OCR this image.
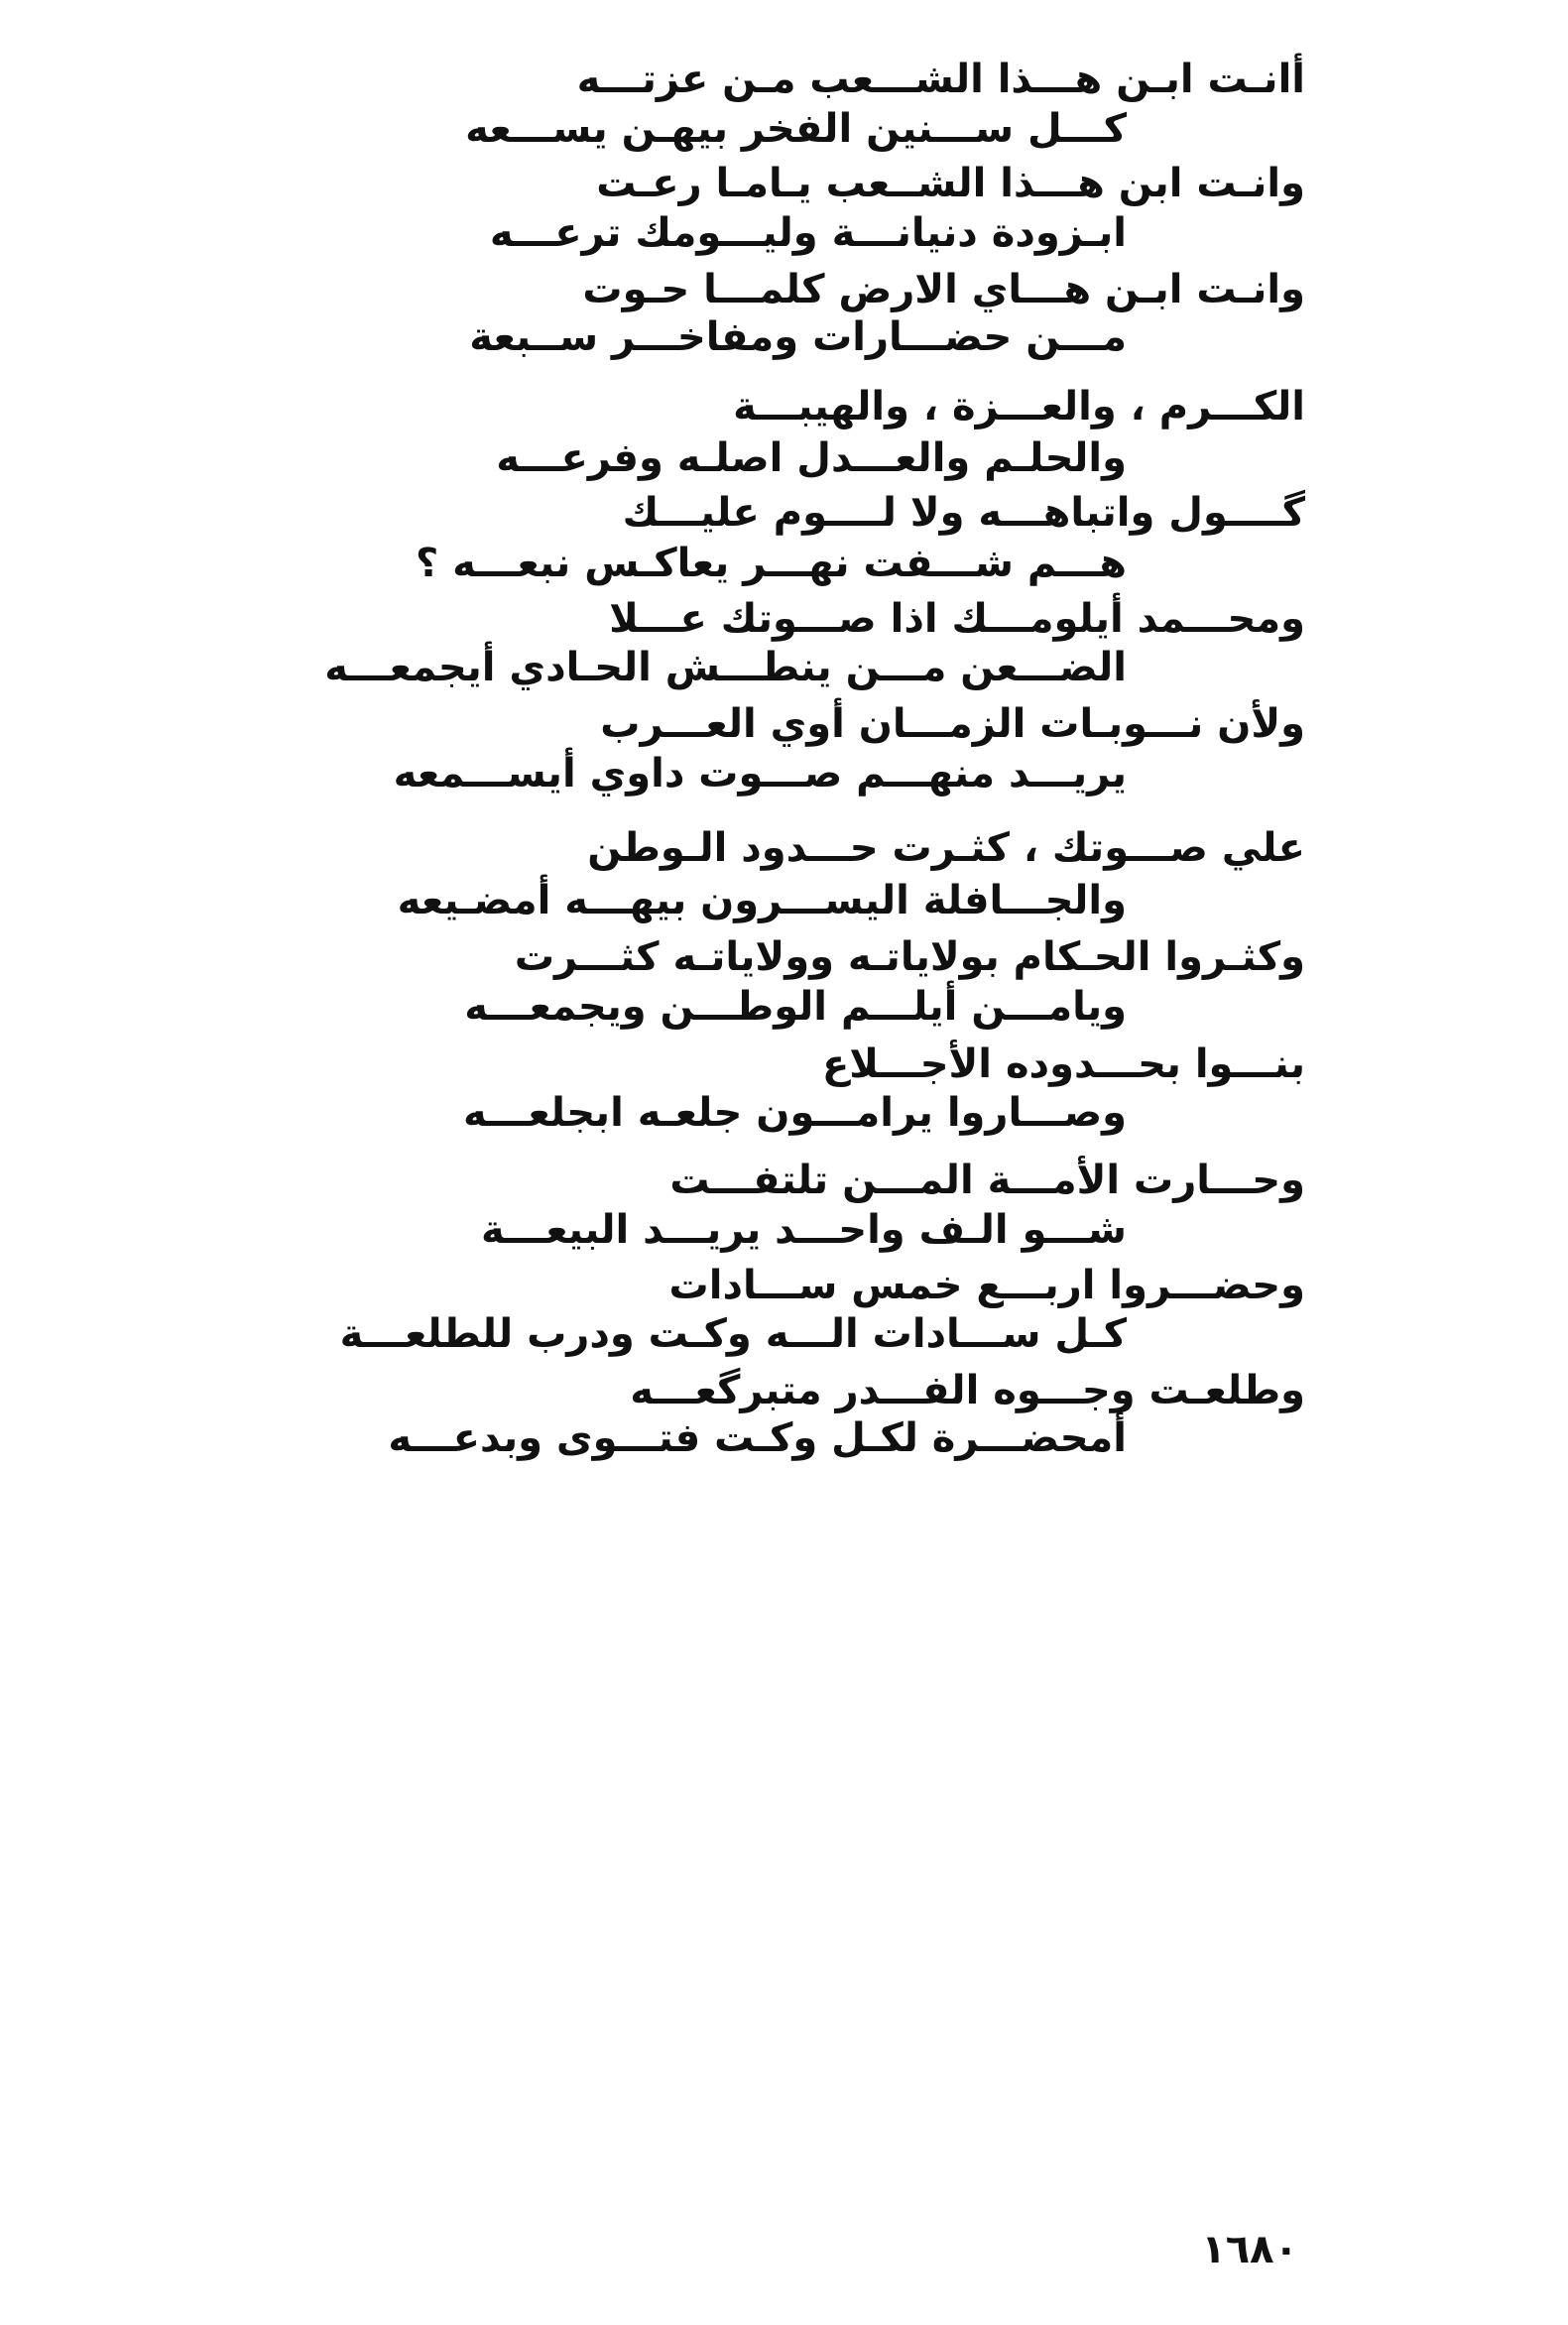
أانـت ابـن هـــذا الشـــعب مـن عزتـــه
كـــل ســـنين الفخر بيهـن يســـعه
وانـت ابن هـــذا الشــعب يـامـا رعـت
ابـزودة دنيانـــة وليـــومك ترعـــه
وانـت ابـن هـــاي الارض كلمـــا حـوت
مـــن حضـــارات ومفاخـــر ســبعة
الكـــرم ، والعـــزة ، والهيبـــة
والحلـم والعـــدل اصلـه وفرعـــه
گــــول واتباهـــه ولا لــــوم عليـــك
هـــم شـــفت نهـــر يعاكـس نبعـــه ؟
ومحـــمد أيلومـــك اذا صـــوتك عـــلا
الضـــعن مـــن ينطـــش الحـادي أيجمعـــه
ولأن نـــوبـات الزمـــان أوي العـــرب
يريـــد منهـــم صـــوت داوي أيســـمعه
علي صـــوتك ، كثـرت حـــدود الـوطن
والجـــافلة اليســـرون بيهـــه أمضـيعه
وكثـروا الحـكام بولاياتـه وولاياتـه كثـــرت
ويامـــن أيلـــم الوطـــن ويجمعـــه
بنـــوا بحـــدوده الأجـــلاع
وصـــاروا يرامـــون جلعـه ابجلعـــه
وحـــارت الأمـــة المـــن تلتفـــت
شـــو الـف واحـــد يريـــد البيعـــة
وحضـــروا اربـــع خمس ســـادات
كـل ســـادات الـــه وكـت ودرب للطلعـــة
وطلعـت وجـــوه الفـــدر متبرگعـــه
أمحضـــرة لكـل وكـت فتـــوى وبدعـــه
١٦٨٠
